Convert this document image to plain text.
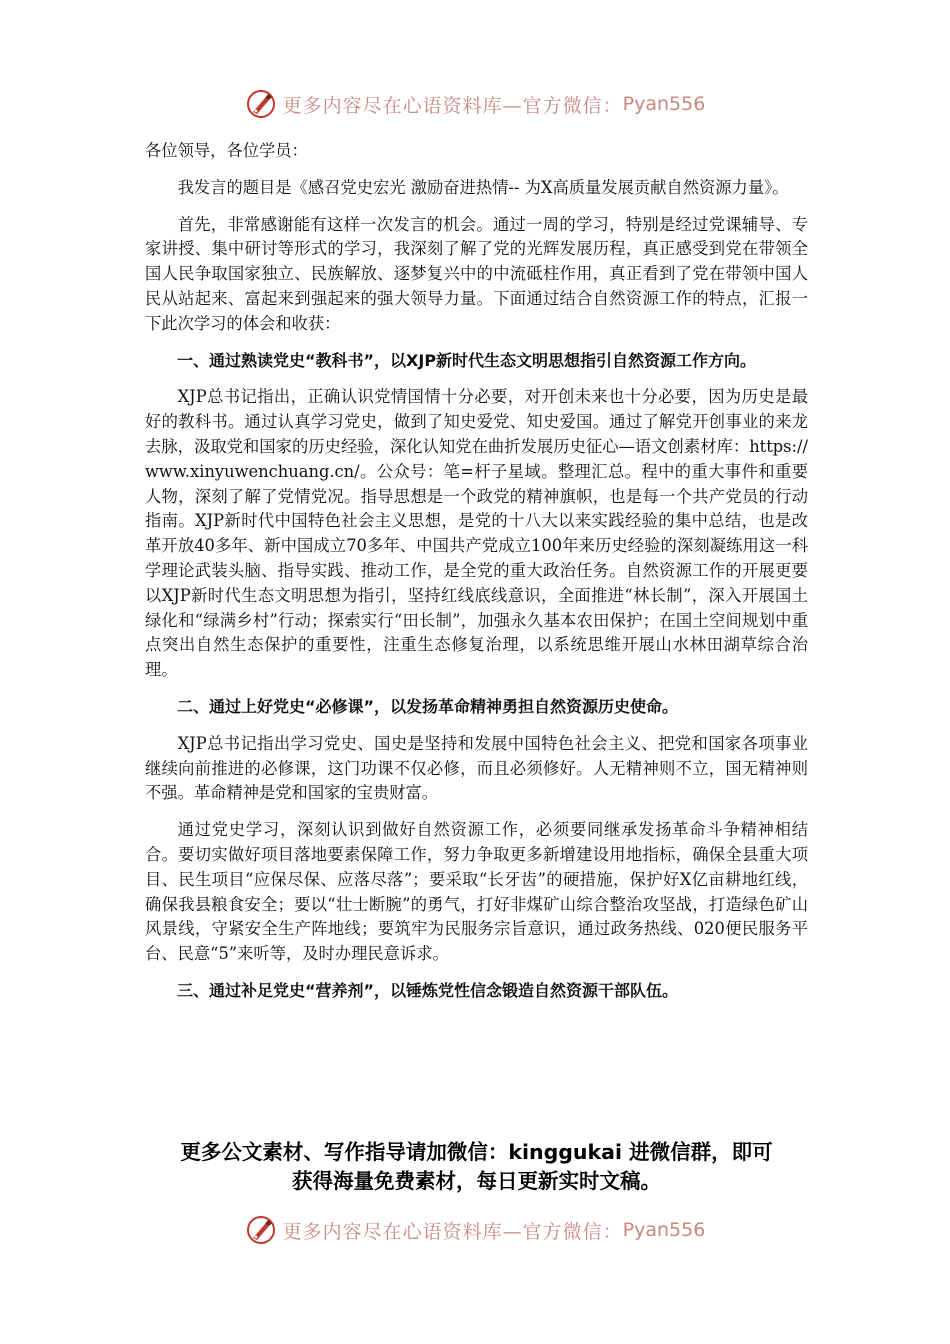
更多内容尽在心语资料库—官方微信： Pyan556

各位领导，各位学员：

我发言的题目是《感召党史宏光 激励奋进热情-- 为X高质量发展贡献自然资源力量》。

首先，非常感谢能有这样一次发言的机会。通过一周的学习，特别是经过党课辅导、专家讲授、集中研讨等形式的学习，我深刻了解了党的光辉发展历程，真正感受到党在带领全国人民争取国家独立、民族解放、逐梦复兴中的中流砥柱作用，真正看到了党在带领中国人民从站起来、富起来到强起来的强大领导力量。下面通过结合自然资源工作的特点，汇报一下此次学习的体会和收获：

一、通过熟读党史“教科书”，以XJP新时代生态文明思想指引自然资源工作方向。

XJP总书记指出，正确认识党情国情十分必要，对开创未来也十分必要，因为历史是最好的教科书。通过认真学习党史，做到了知史爱党、知史爱国。通过了解党开创事业的来龙去脉，汲取党和国家的历史经验，深化认知党在曲折发展历史征心—语文创素材库：https://www.xinyuwenchuang.cn/。公众号：笔=杆子星域。整理汇总。程中的重大事件和重要人物，深刻了解了党情党况。指导思想是一个政党的精神旗帜，也是每一个共产党员的行动指南。XJP新时代中国特色社会主义思想，是党的十八大以来实践经验的集中总结，也是改革开放40多年、新中国成立70多年、中国共产党成立100年来历史经验的深刻凝练用这一科学理论武装头脑、指导实践、推动工作，是全党的重大政治任务。自然资源工作的开展更要以XJP新时代生态文明思想为指引，坚持红线底线意识，全面推进“林长制”，深入开展国土绿化和“绿满乡村”行动；探索实行“田长制”，加强永久基本农田保护；在国土空间规划中重点突出自然生态保护的重要性，注重生态修复治理，以系统思维开展山水林田湖草综合治理。

二、通过上好党史“必修课”，以发扬革命精神勇担自然资源历史使命。

XJP总书记指出学习党史、国史是坚持和发展中国特色社会主义、把党和国家各项事业继续向前推进的必修课，这门功课不仅必修，而且必须修好。人无精神则不立，国无精神则不强。革命精神是党和国家的宝贵财富。

通过党史学习，深刻认识到做好自然资源工作，必须要同继承发扬革命斗争精神相结合。要切实做好项目落地要素保障工作，努力争取更多新增建设用地指标，确保全县重大项目、民生项目“应保尽保、应落尽落”；要采取“长牙齿”的硬措施，保护好X亿亩耕地红线，确保我县粮食安全；要以“壮士断腕”的勇气，打好非煤矿山综合整治攻坚战，打造绿色矿山风景线，守紧安全生产阵地线；要筑牢为民服务宗旨意识，通过政务热线、020便民服务平台、民意“5”来听等，及时办理民意诉求。

三、通过补足党史“营养剂”，以锤炼党性信念锻造自然资源干部队伍。

更多公文素材、写作指导请加微信：kinggukai 进微信群，即可
获得海量免费素材，每日更新实时文稿。
更多内容尽在心语资料库—官方微信： Pyan556
